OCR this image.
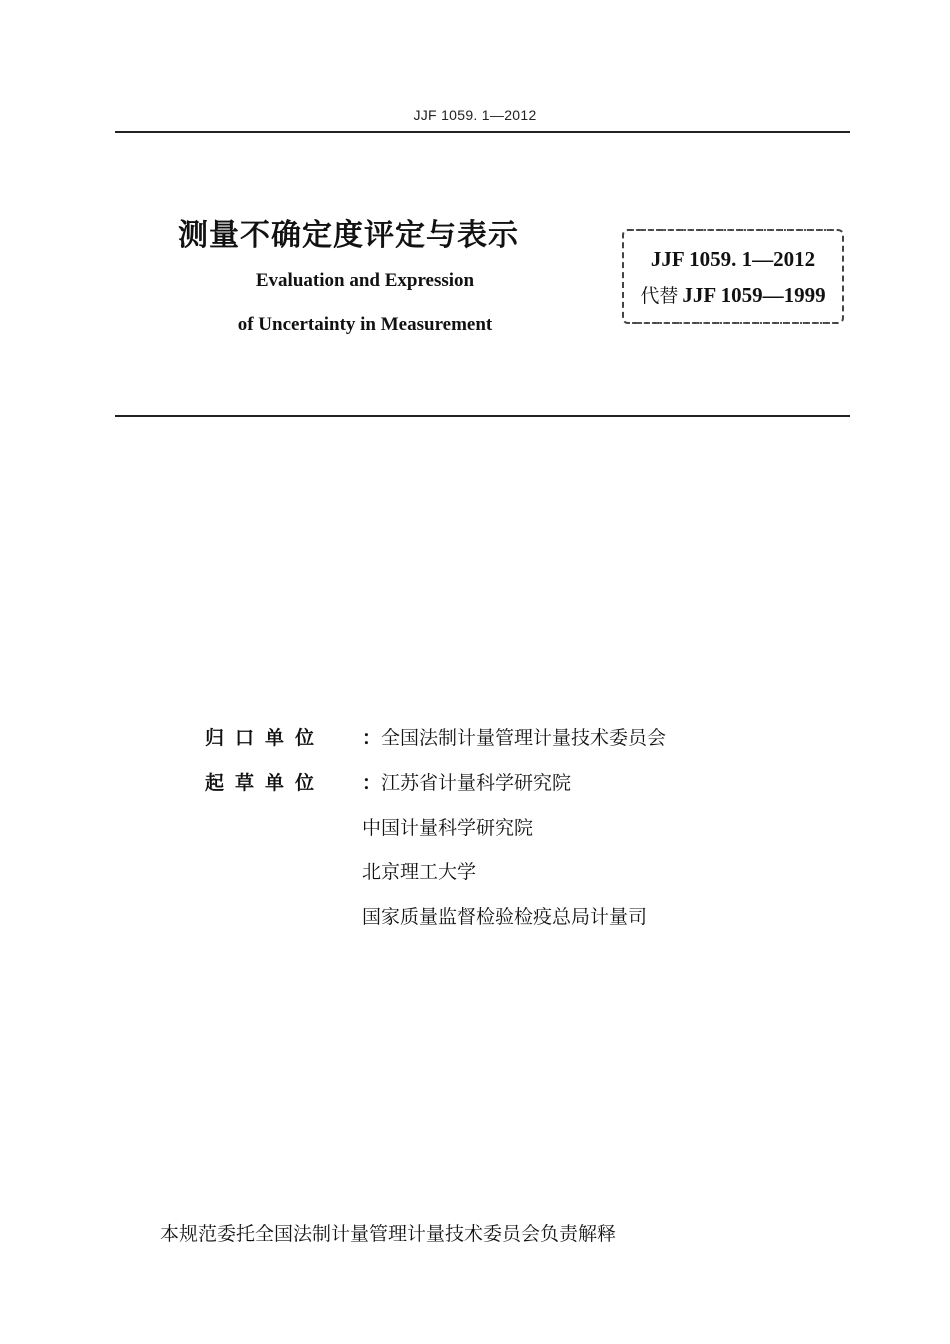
JJF 1059. 1—2012
测量不确定度评定与表示
Evaluation and Expression
of Uncertainty in Measurement
JJF 1059. 1—2012
代替 JJF 1059—1999
归口单位 ：全国法制计量管理计量技术委员会
起草单位 ：江苏省计量科学研究院
中国计量科学研究院
北京理工大学
国家质量监督检验检疫总局计量司
本规范委托全国法制计量管理计量技术委员会负责解释
